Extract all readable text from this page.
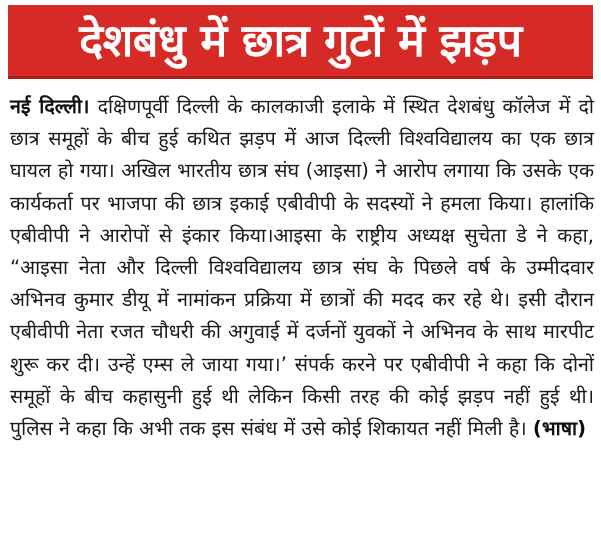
देशबंधु में छात्र गुटों में झड़प
नई दिल्ली। दक्षिणपूर्वी दिल्ली के कालकाजी इलाके में स्थित देशबंधु कॉलेज में दो छात्र समूहों के बीच हुई कथित झड़प में आज दिल्ली विश्वविद्यालय का एक छात्र घायल हो गया। अखिल भारतीय छात्र संघ (आइसा) ने आरोप लगाया कि उसके एक कार्यकर्ता पर भाजपा की छात्र इकाई एबीवीपी के सदस्यों ने हमला किया। हालांकि एबीवीपी ने आरोपों से इंकार किया।आइसा के राष्ट्रीय अध्यक्ष सुचेता डे ने कहा, “आइसा नेता और दिल्ली विश्वविद्यालय छात्र संघ के पिछले वर्ष के उम्मीदवार अभिनव कुमार डीयू में नामांकन प्रक्रिया में छात्रों की मदद कर रहे थे। इसी दौरान एबीवीपी नेता रजत चौधरी की अगुवाई में दर्जनों युवकों ने अभिनव के साथ मारपीट शुरू कर दी। उन्हें एम्स ले जाया गया।’ संपर्क करने पर एबीवीपी ने कहा कि दोनों समूहों के बीच कहासुनी हुई थी लेकिन किसी तरह की कोई झड़प नहीं हुई थी। पुलिस ने कहा कि अभी तक इस संबंध में उसे कोई शिकायत नहीं मिली है। (भाषा)
